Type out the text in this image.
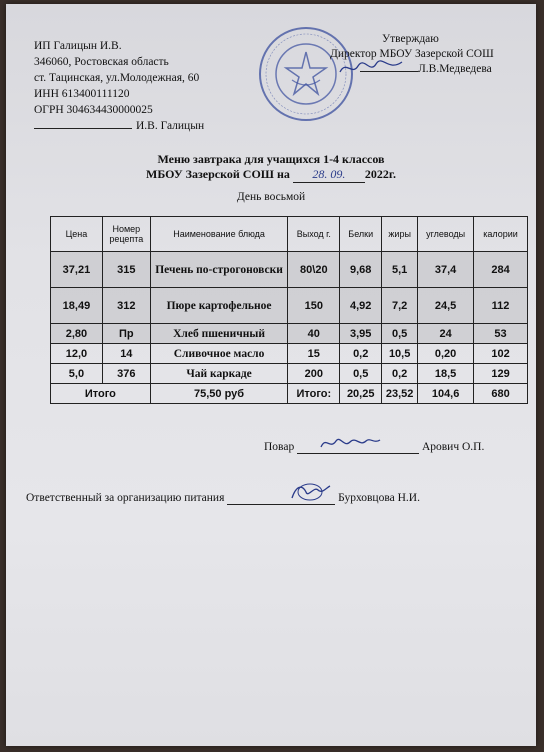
ИП Галицын И.В.
346060, Ростовская область
ст. Тацинская, ул.Молодежная, 60
ИНН 613400111120
ОГРН 304634430000025
И.В. Галицын
Утверждаю
Директор МБОУ Зазерской СОШ
Л.В.Медведева
Меню завтрака для учащихся 1-4 классов
МБОУ Зазерской СОШ на 28. 09. 2022г.
День восьмой
Цена	Номер рецепта	Наименование блюда	Выход г.	Белки	жиры	углеводы	калории
37,21	315	Печень по-строгоновски	80\20	9,68	5,1	37,4	284
18,49	312	Пюре картофельное	150	4,92	7,2	24,5	112
2,80	Пр	Хлеб пшеничный	40	3,95	0,5	24	53
12,0	14	Сливочное масло	15	0,2	10,5	0,20	102
5,0	376	Чай каркаде	200	0,5	0,2	18,5	129
Итого		75,50 руб	Итого:	20,25	23,52	104,6	680
Повар	Арович О.П.
Ответственный за организацию питания	Бурховцова Н.И.
